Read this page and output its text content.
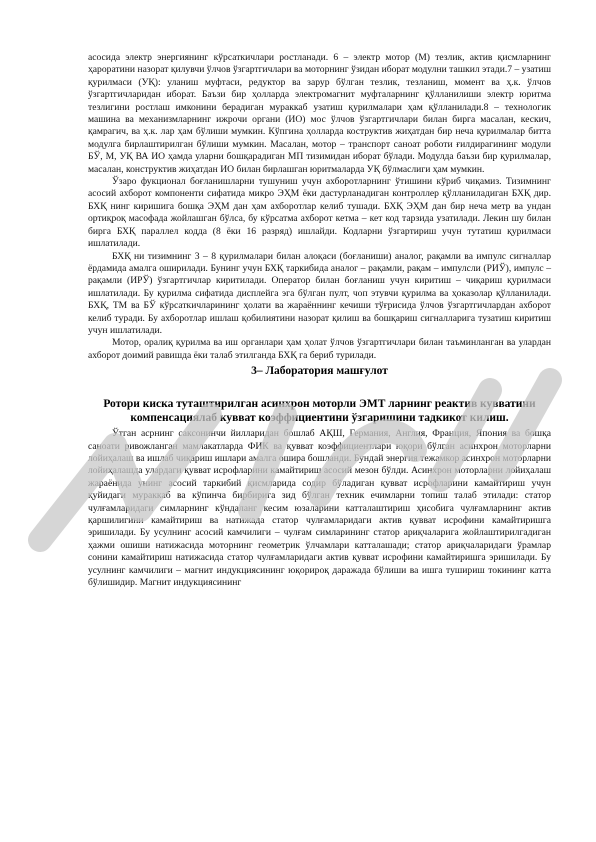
асосида электр энергиянинг кўрсаткичлари ростланади. 6 – электр мотор (М) тезлик, актив қисмларнинг ҳароратини назорат қилувчи ўлчов ўзгартгичлари ва моторнинг ўзидан иборат модулни ташкил этади.7 – узатиш қурилмаси (УҚ): уланиш муфтаси, редуктор ва зарур бўлган тезлик, тезланиш, момент ва ҳ.к. ўлчов ўзгартгичларидан иборат. Баъзи бир ҳолларда электромагнит муфталарнинг қўлланилиши электр юритма тезлигини ростлаш имконини берадиган мураккаб узатиш қурилмалари ҳам қўлланилади.8 – технологик машина ва механизмларнинг ижрочи органи (ИО) мос ўлчов ўзгартгичлари билан бирга масалан, кескич, қамрагич, ва ҳ.к. лар ҳам бўлиши мумкин. Кўпгина ҳолларда коструктив жиҳатдан бир неча қурилмалар битта модулга бирлаштирилган бўлиши мумкин. Масалан, мотор – транспорт саноат роботи ғилдирагининг модули БЎ, М, УҚ ВА ИО ҳамда уларни бошқарадиган МП тизимидан иборат бўлади. Модулда баъзи бир қурилмалар, масалан, конструктив жиҳатдан ИО билан бирлашган юритмаларда УҚ бўлмаслиги ҳам мумкин.

Ўзаро фукционал боғланишларни тушуниш учун ахборотларнинг ўтишини кўриб чиқамиз. Тизимнинг асосий ахборот компоненти сифатида микро ЭҲМ ёки дастурланадиган контроллер қўлланиладиган БХҚ дир. БХҚ нинг киришига бошқа ЭҲМ дан ҳам ахборотлар келиб тушади. БХҚ ЭҲМ дан бир неча метр ва ундан ортиқроқ масофада жойлашган бўлса, бу кўрсатма ахборот кетма – кет код тарзида узатилади. Лекин шу билан бирга БХҚ параллел кодда (8 ёки 16 разряд) ишлайди. Кодларни ўзгартириш учун тутатиш қурилмаси ишлатилади.

БХҚ ни тизимнинг 3 – 8 қурилмалари билан алоқаси (боғланиши) аналог, рақамли ва импулс сигналлар ёрдамида амалга оширилади. Бунинг учун БХҚ таркибида аналог – рақамли, рақам – импулсли (РИЎ), импулс – рақамли (ИРЎ) ўзгартгичлар киритилади. Оператор билан боғланиш учун киритиш – чиқариш қурилмаси ишлатилади. Бу қурилма сифатида дисплейга эга бўлган пулт, чоп этувчи қурилма ва ҳоказолар қўлланилади. БХҚ, ТМ ва БЎ кўрсаткичларининг ҳолати ва жараённинг кечиши тўғрисида ўлчов ўзгартгичлардан ахборот келиб туради. Бу ахборотлар ишлаш қобилиятини назорат қилиш ва бошқариш сигналларига тузатиш киритиш учун ишлатилади.

Мотор, оралиқ қурилма ва иш органлари ҳам ҳолат ўлчов ўзгартгичлари билан таъминланган ва улардан ахборот доимий равишда ёки талаб этилганда БХҚ га бериб турилади.

3– Лаборатория машғулот
Ротори киска туташтирилган асинхрон моторли ЭМТ ларнинг реактив кувватини компенсациялаб кувват коэффициентини ўзгаришини тадкикот килиш.

Ўтган асрнинг саксонинчи йилларидан бошлаб АҚШ, Германия, Англия, Франция, Япония ва бошқа саноати ривожланган мамлакатларда ФИК ва қувват коэффициентлари юқори бўлган асинхрон моторларни лойиҳалаш ва ишлаб чиқариш ишлари амалга ошира бошланди. Бундай энергия тежамкор асинхрон моторларни лойиҳалашда улардаги қувват исрофларини камайтириш асосий мезон бўлди. Асинхрон моторларни лойиҳалаш жараёнида унинг асосий таркибий қисмларида содир бўладиган қувват исрофларини камайтириш учун қуйидаги мураккаб ва кўпинча бирбирига зид бўлган техник ечимларни топиш талаб этилади: статор чулғамларидаги симларнинг кўндаланг кесим юзаларини катталаштириш ҳисобига чулғамларнинг актив қаршилигини камайтириш ва натижада статор чулғамларидаги актив қувват исрофини камайтиришга эришилади. Бу усулнинг асосий камчилиги – чулғам симларининг статор ариқчаларига жойлаштирилгадиган ҳажми ошиши натижасида моторнинг геометрик ўлчамлари катталашади; статор ариқчаларидаги ўрамлар сонини камайтириш натижасида статор чулғамларидаги актив қувват исрофини камайтиришга эришилади. Бу усулнинг камчилиги – магнит индукциясининг юқорироқ даражада бўлиши ва ишга тушириш токининг катта бўлишидир. Магнит индукциясининг
